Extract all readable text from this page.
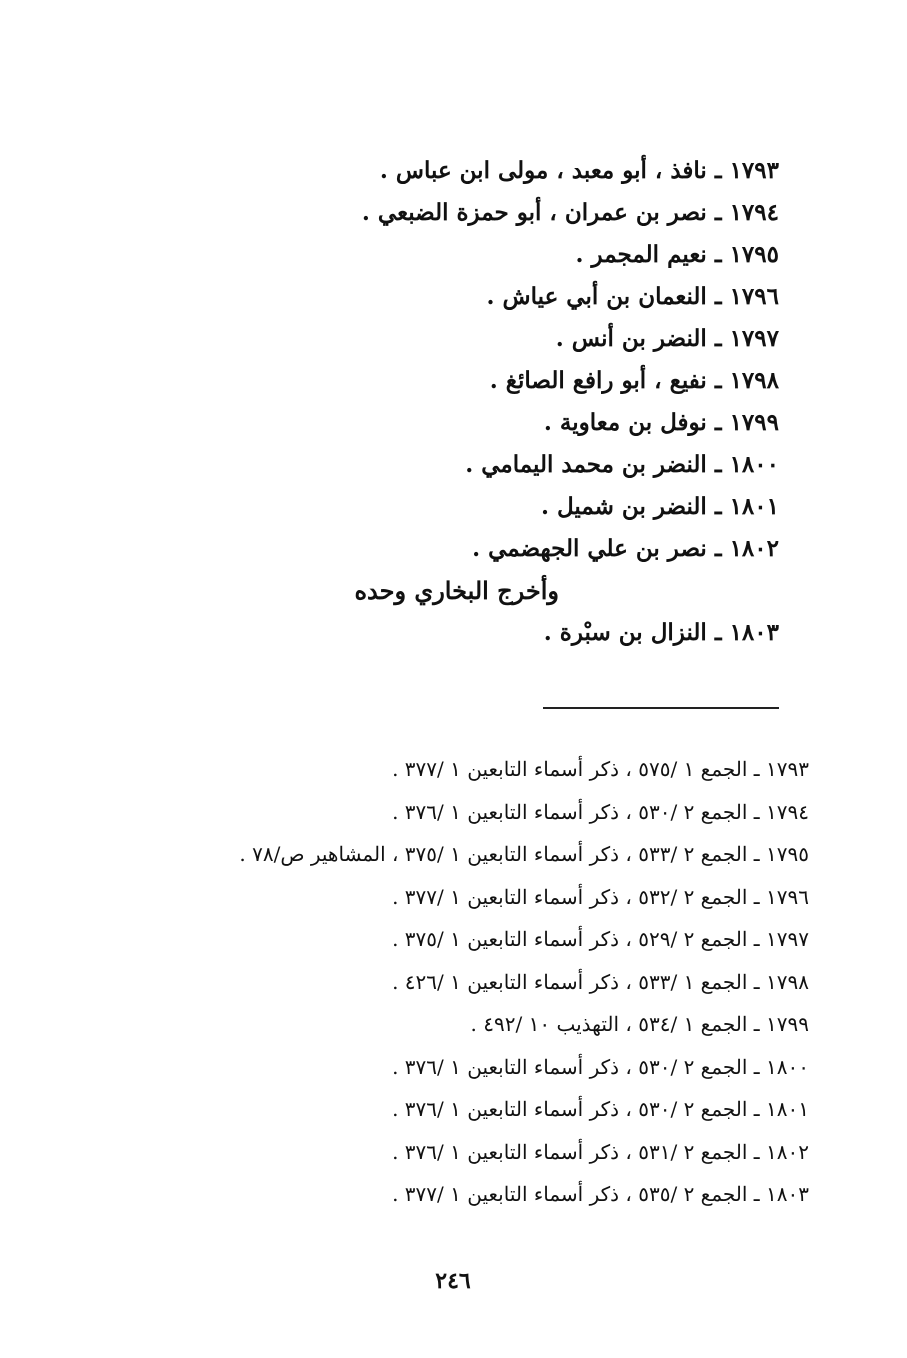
١٧٩٣ ـ نافذ ، أبو معبد ، مولى ابن عباس .
١٧٩٤ ـ نصر بن عمران ، أبو حمزة الضبعي .
١٧٩٥ ـ نعيم المجمر .
١٧٩٦ ـ النعمان بن أبي عياش .
١٧٩٧ ـ النضر بن أنس .
١٧٩٨ ـ نفيع ، أبو رافع الصائغ .
١٧٩٩ ـ نوفل بن معاوية .
١٨٠٠ ـ النضر بن محمد اليمامي .
١٨٠١ ـ النضر بن شميل .
١٨٠٢ ـ نصر بن علي الجهضمي .
وأخرج البخاري وحده
١٨٠٣ ـ النزال بن سبْرة .
١٧٩٣ ـ الجمع ١ /٥٧٥ ، ذكر أسماء التابعين ١ /٣٧٧ .
١٧٩٤ ـ الجمع ٢ /٥٣٠ ، ذكر أسماء التابعين ١ /٣٧٦ .
١٧٩٥ ـ الجمع ٢ /٥٣٣ ، ذكر أسماء التابعين ١ /٣٧٥ ، المشاهير ص/٧٨ .
١٧٩٦ ـ الجمع ٢ /٥٣٢ ، ذكر أسماء التابعين ١ /٣٧٧ .
١٧٩٧ ـ الجمع ٢ /٥٢٩ ، ذكر أسماء التابعين ١ /٣٧٥ .
١٧٩٨ ـ الجمع ١ /٥٣٣ ، ذكر أسماء التابعين ١ /٤٢٦ .
١٧٩٩ ـ الجمع ١ /٥٣٤ ، التهذيب ١٠ /٤٩٢ .
١٨٠٠ ـ الجمع ٢ /٥٣٠ ، ذكر أسماء التابعين ١ /٣٧٦ .
١٨٠١ ـ الجمع ٢ /٥٣٠ ، ذكر أسماء التابعين ١ /٣٧٦ .
١٨٠٢ ـ الجمع ٢ /٥٣١ ، ذكر أسماء التابعين ١ /٣٧٦ .
١٨٠٣ ـ الجمع ٢ /٥٣٥ ، ذكر أسماء التابعين ١ /٣٧٧ .
٢٤٦
